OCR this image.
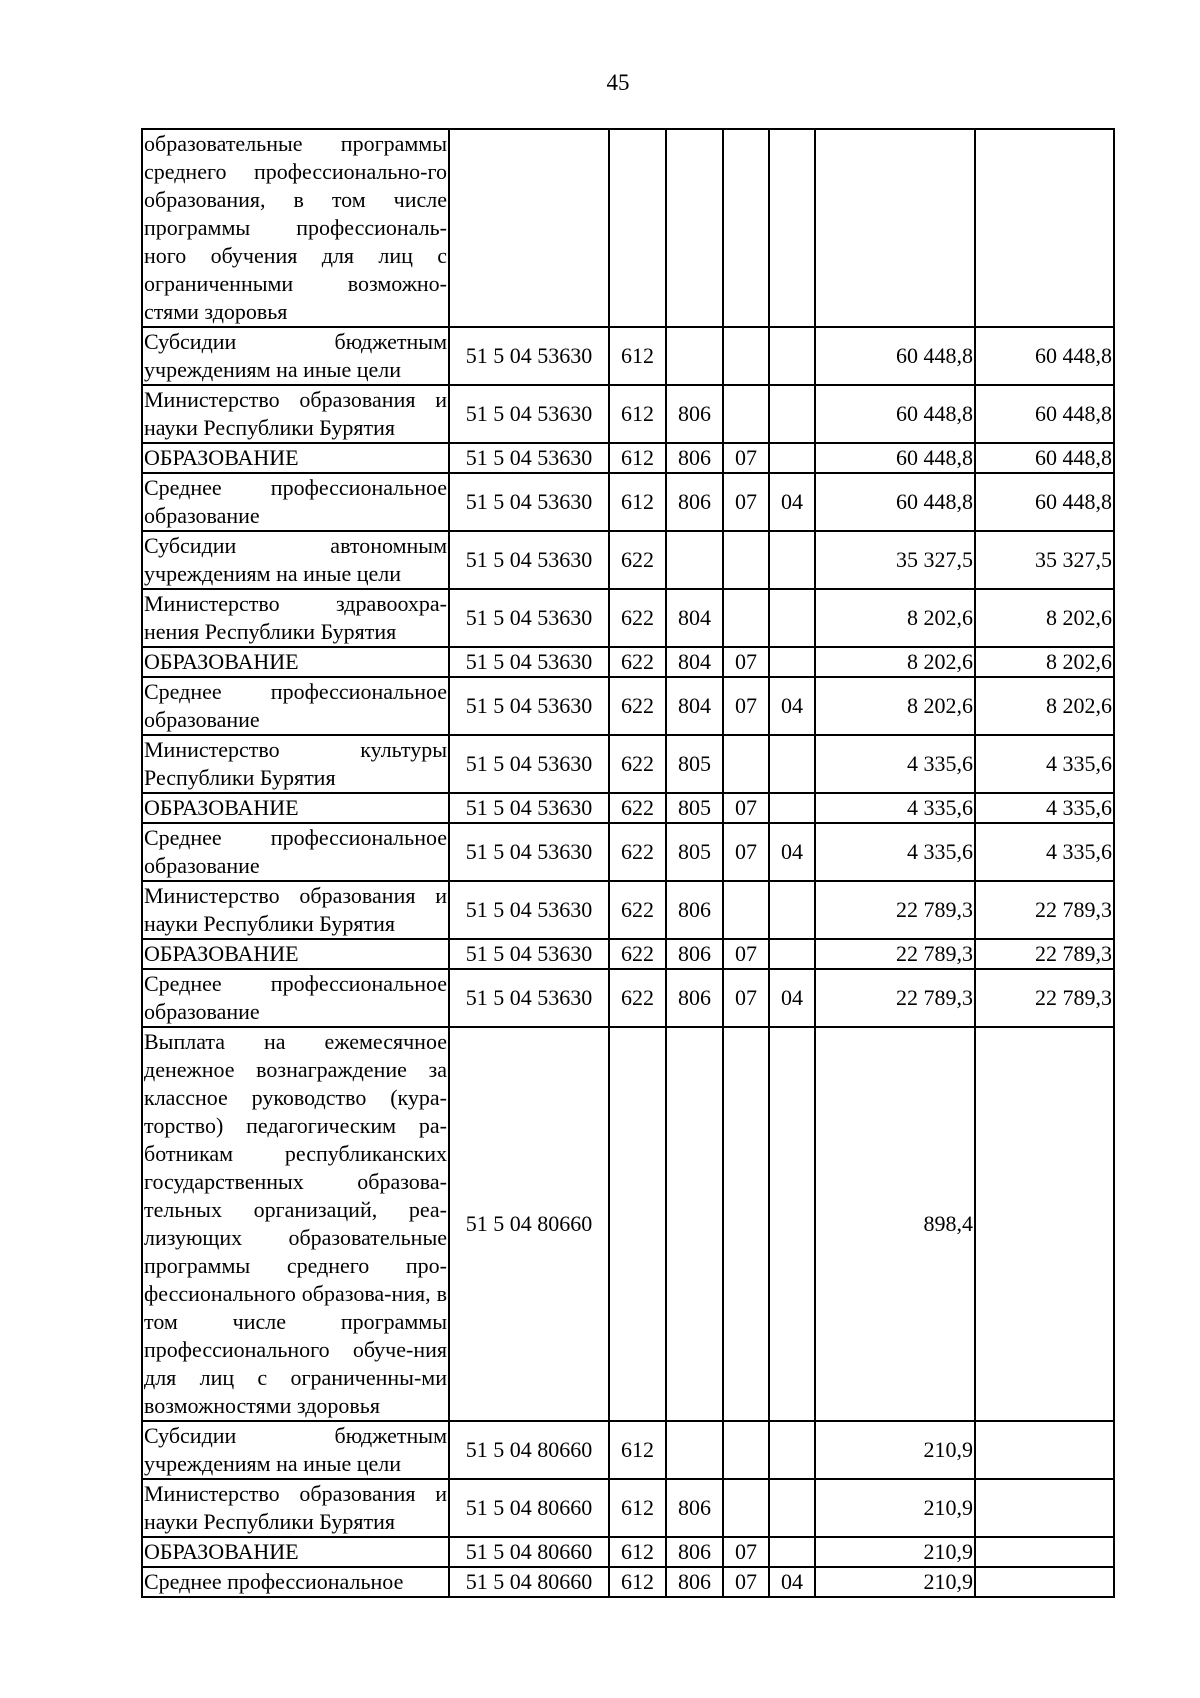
45
образовательные программы среднего профессионально-го образования, в том числе программы профессиональ-ного обучения для лиц с ограниченными возможно-стями здоровья							
Субсидии бюджетным учреждениям на иные цели	51 5 04 53630	612				60 448,8	60 448,8
Министерство образования и науки Республики Бурятия	51 5 04 53630	612	806			60 448,8	60 448,8
ОБРАЗОВАНИЕ	51 5 04 53630	612	806	07		60 448,8	60 448,8
Среднее профессиональное образование	51 5 04 53630	612	806	07	04	60 448,8	60 448,8
Субсидии автономным учреждениям на иные цели	51 5 04 53630	622				35 327,5	35 327,5
Министерство здравоохра-нения Республики Бурятия	51 5 04 53630	622	804			8 202,6	8 202,6
ОБРАЗОВАНИЕ	51 5 04 53630	622	804	07		8 202,6	8 202,6
Среднее профессиональное образование	51 5 04 53630	622	804	07	04	8 202,6	8 202,6
Министерство культуры Республики Бурятия	51 5 04 53630	622	805			4 335,6	4 335,6
ОБРАЗОВАНИЕ	51 5 04 53630	622	805	07		4 335,6	4 335,6
Среднее профессиональное образование	51 5 04 53630	622	805	07	04	4 335,6	4 335,6
Министерство образования и науки Республики Бурятия	51 5 04 53630	622	806			22 789,3	22 789,3
ОБРАЗОВАНИЕ	51 5 04 53630	622	806	07		22 789,3	22 789,3
Среднее профессиональное образование	51 5 04 53630	622	806	07	04	22 789,3	22 789,3
Выплата на ежемесячное денежное вознаграждение за классное руководство (кура-торство) педагогическим ра-ботникам республиканских государственных образова-тельных организаций, реа-лизующих образовательные программы среднего про-фессионального образова-ния, в том числе программы профессионального обуче-ния для лиц с ограниченны-ми возможностями здоровья	51 5 04 80660					898,4	
Субсидии бюджетным учреждениям на иные цели	51 5 04 80660	612				210,9	
Министерство образования и науки Республики Бурятия	51 5 04 80660	612	806			210,9	
ОБРАЗОВАНИЕ	51 5 04 80660	612	806	07		210,9	
Среднее профессиональное	51 5 04 80660	612	806	07	04	210,9	
